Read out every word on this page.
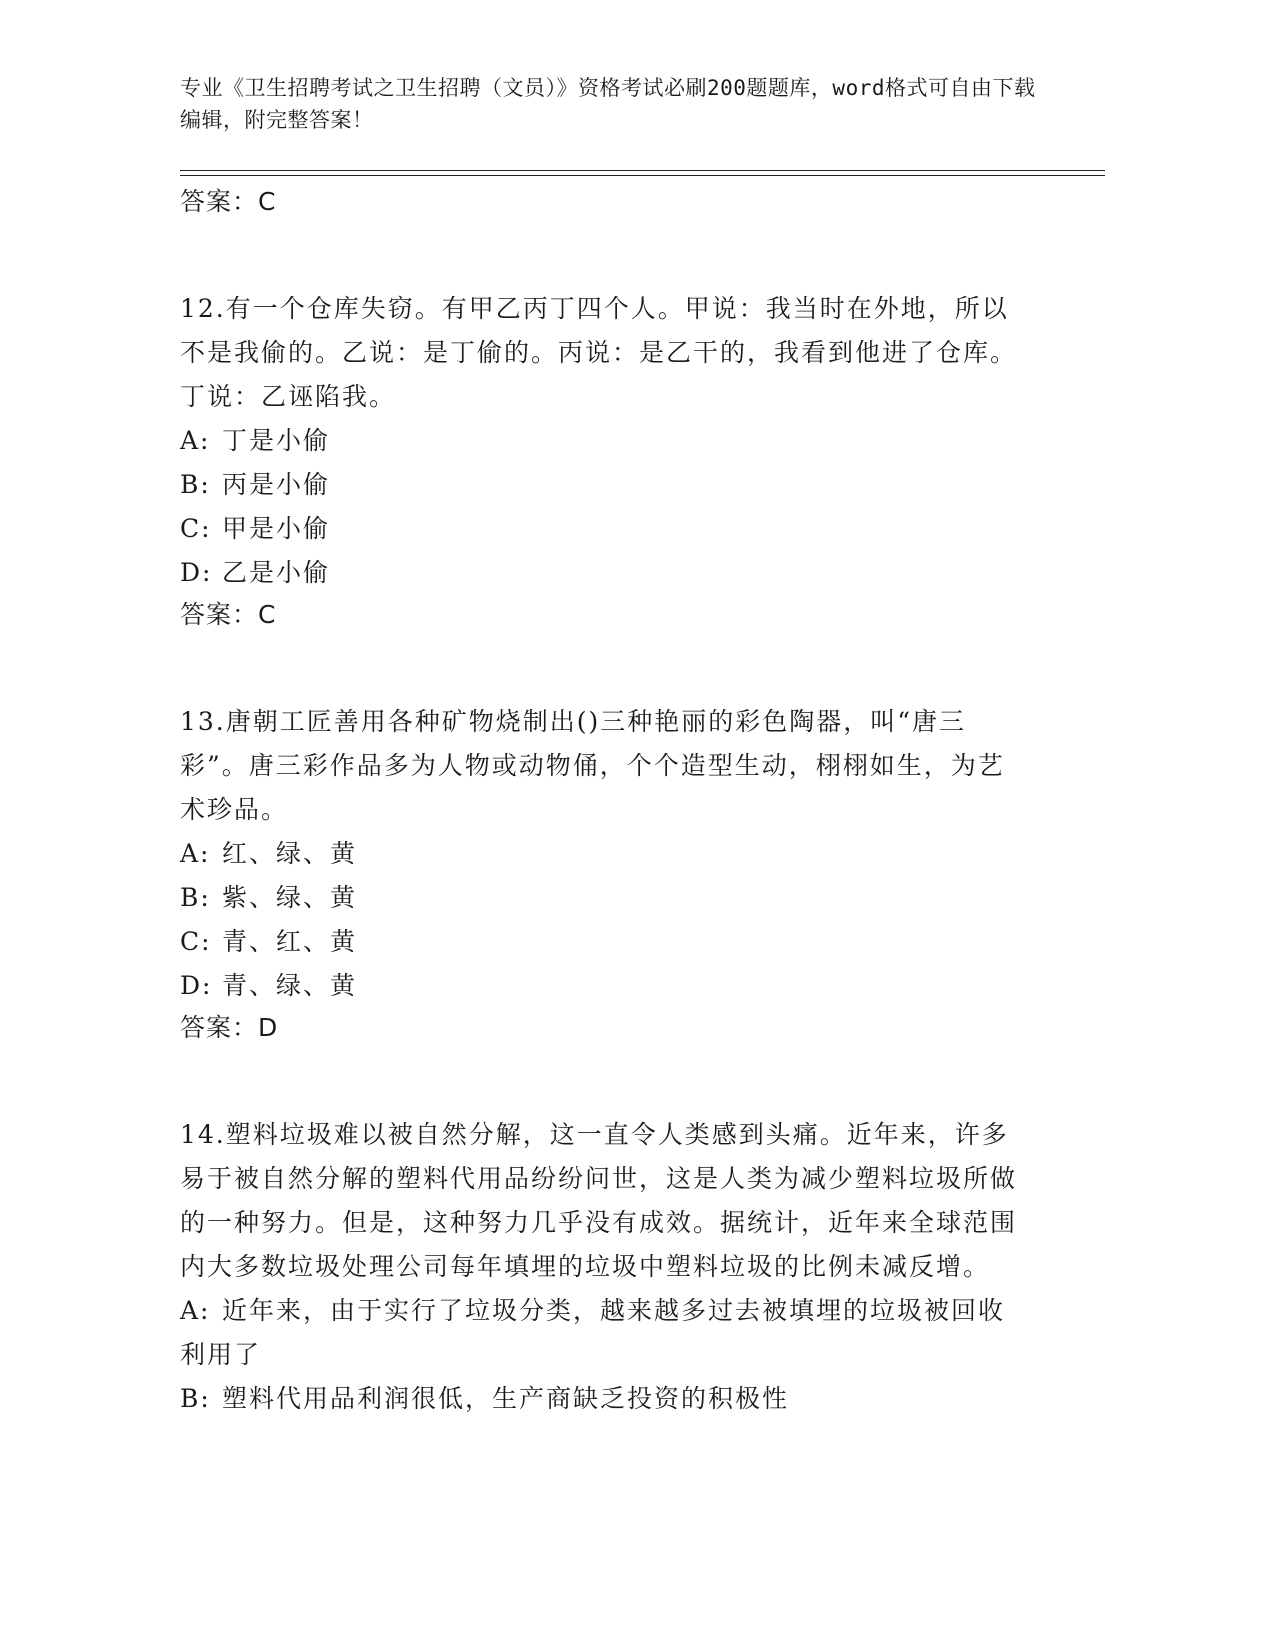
专业《卫生招聘考试之卫生招聘（文员）》资格考试必刷200题题库，word格式可自由下载编辑，附完整答案！
答案：C

12.有一个仓库失窃。有甲乙丙丁四个人。甲说：我当时在外地，所以不是我偷的。乙说：是丁偷的。丙说：是乙干的，我看到他进了仓库。丁说：乙诬陷我。

A: 丁是小偷
B: 丙是小偷
C: 甲是小偷
D: 乙是小偷
答案：C

13.唐朝工匠善用各种矿物烧制出()三种艳丽的彩色陶器，叫“唐三彩”。唐三彩作品多为人物或动物俑，个个造型生动，栩栩如生，为艺术珍品。

A: 红、绿、黄
B: 紫、绿、黄
C: 青、红、黄
D: 青、绿、黄
答案：D

14.塑料垃圾难以被自然分解，这一直令人类感到头痛。近年来，许多易于被自然分解的塑料代用品纷纷问世，这是人类为减少塑料垃圾所做的一种努力。但是，这种努力几乎没有成效。据统计，近年来全球范围内大多数垃圾处理公司每年填埋的垃圾中塑料垃圾的比例未减反增。

A: 近年来，由于实行了垃圾分类，越来越多过去被填埋的垃圾被回收利用了
B: 塑料代用品利润很低，生产商缺乏投资的积极性
